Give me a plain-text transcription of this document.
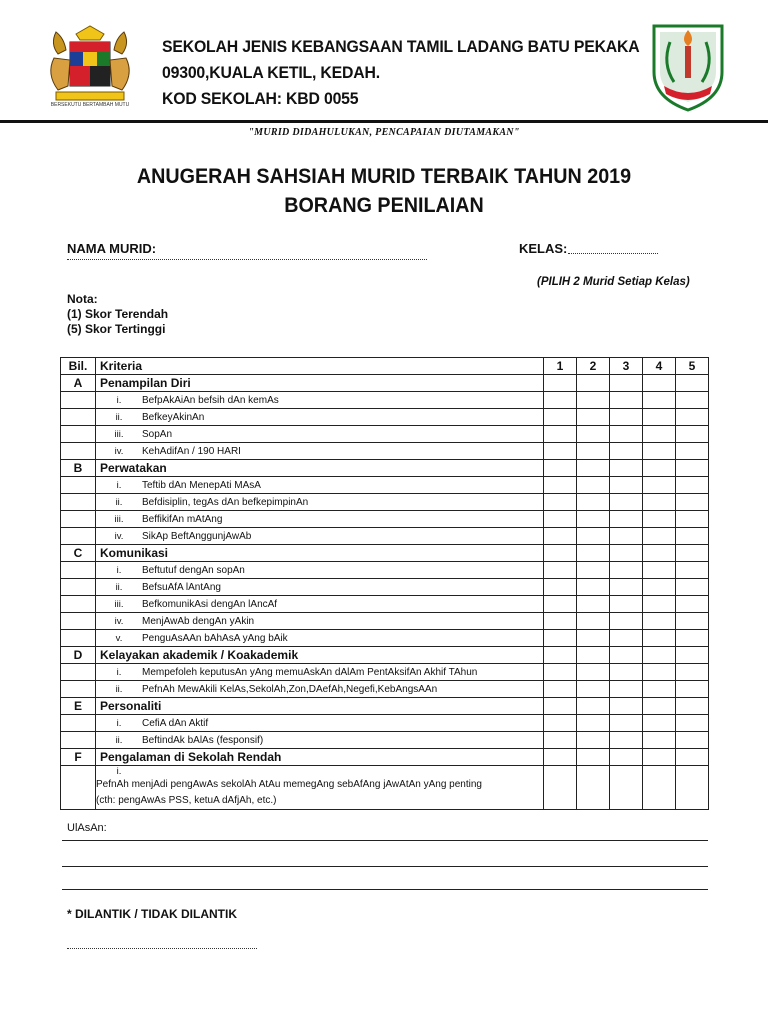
BERSEKUTU BERTAMBAH MUTU
SEKOLAH JENIS KEBANGSAAN TAMIL LADANG BATU PEKAKA
09300,KUALA KETIL, KEDAH.
KOD SEKOLAH: KBD 0055
"MURID DIDAHULUKAN, PENCAPAIAN DIUTAMAKAN"
ANUGERAH SAHSIAH MURID TERBAIK TAHUN 2019
BORANG PENILAIAN
NAMA MURID:	KELAS:
(PILIH 2 Murid Setiap Kelas)
Nota:
(1) Skor Terendah
(5) Skor Tertinggi
Bil.	Kriteria	1	2	3	4	5
A	Penampilan Diri					
	i. BefpAkAiAn befsih dAn kemAs					
	ii. BefkeyAkinAn					
	iii. SopAn					
	iv. KehAdifAn / 190 HARI					
B	Perwatakan					
	i. Teftib dAn MenepAti MAsA					
	ii. Befdisiplin, tegAs dAn befkepimpinAn					
	iii. BeffikifAn mAtAng					
	iv. SikAp BeftAnggunjAwAb					
C	Komunikasi					
	i. Beftutuf dengAn sopAn					
	ii. BefsuAfA lAntAng					
	iii. BefkomunikAsi dengAn lAncAf					
	iv. MenjAwAb dengAn yAkin					
	v. PenguAsAAn bAhAsA yAng bAik					
D	Kelayakan akademik / Koakademik					
	i. Mempefoleh keputusAn yAng memuAskAn dAlAm PentAksifAn Akhif TAhun					
	ii. PefnAh MewAkili KelAs,SekolAh,Zon,DAefAh,Negefi,KebAngsAAn					
E	Personaliti					
	i. CefiA dAn Aktif					
	ii. BeftindAk bAlAs (fesponsif)					
F	Pengalaman di Sekolah Rendah					
	i.PefnAh menjAdi pengAwAs sekolAh AtAu memegAng sebAfAng jAwAtAn yAng penting (cth: pengAwAs PSS, ketuA dAfjAh, etc.)					
UlAsAn:
* DILANTIK / TIDAK DILANTIK
